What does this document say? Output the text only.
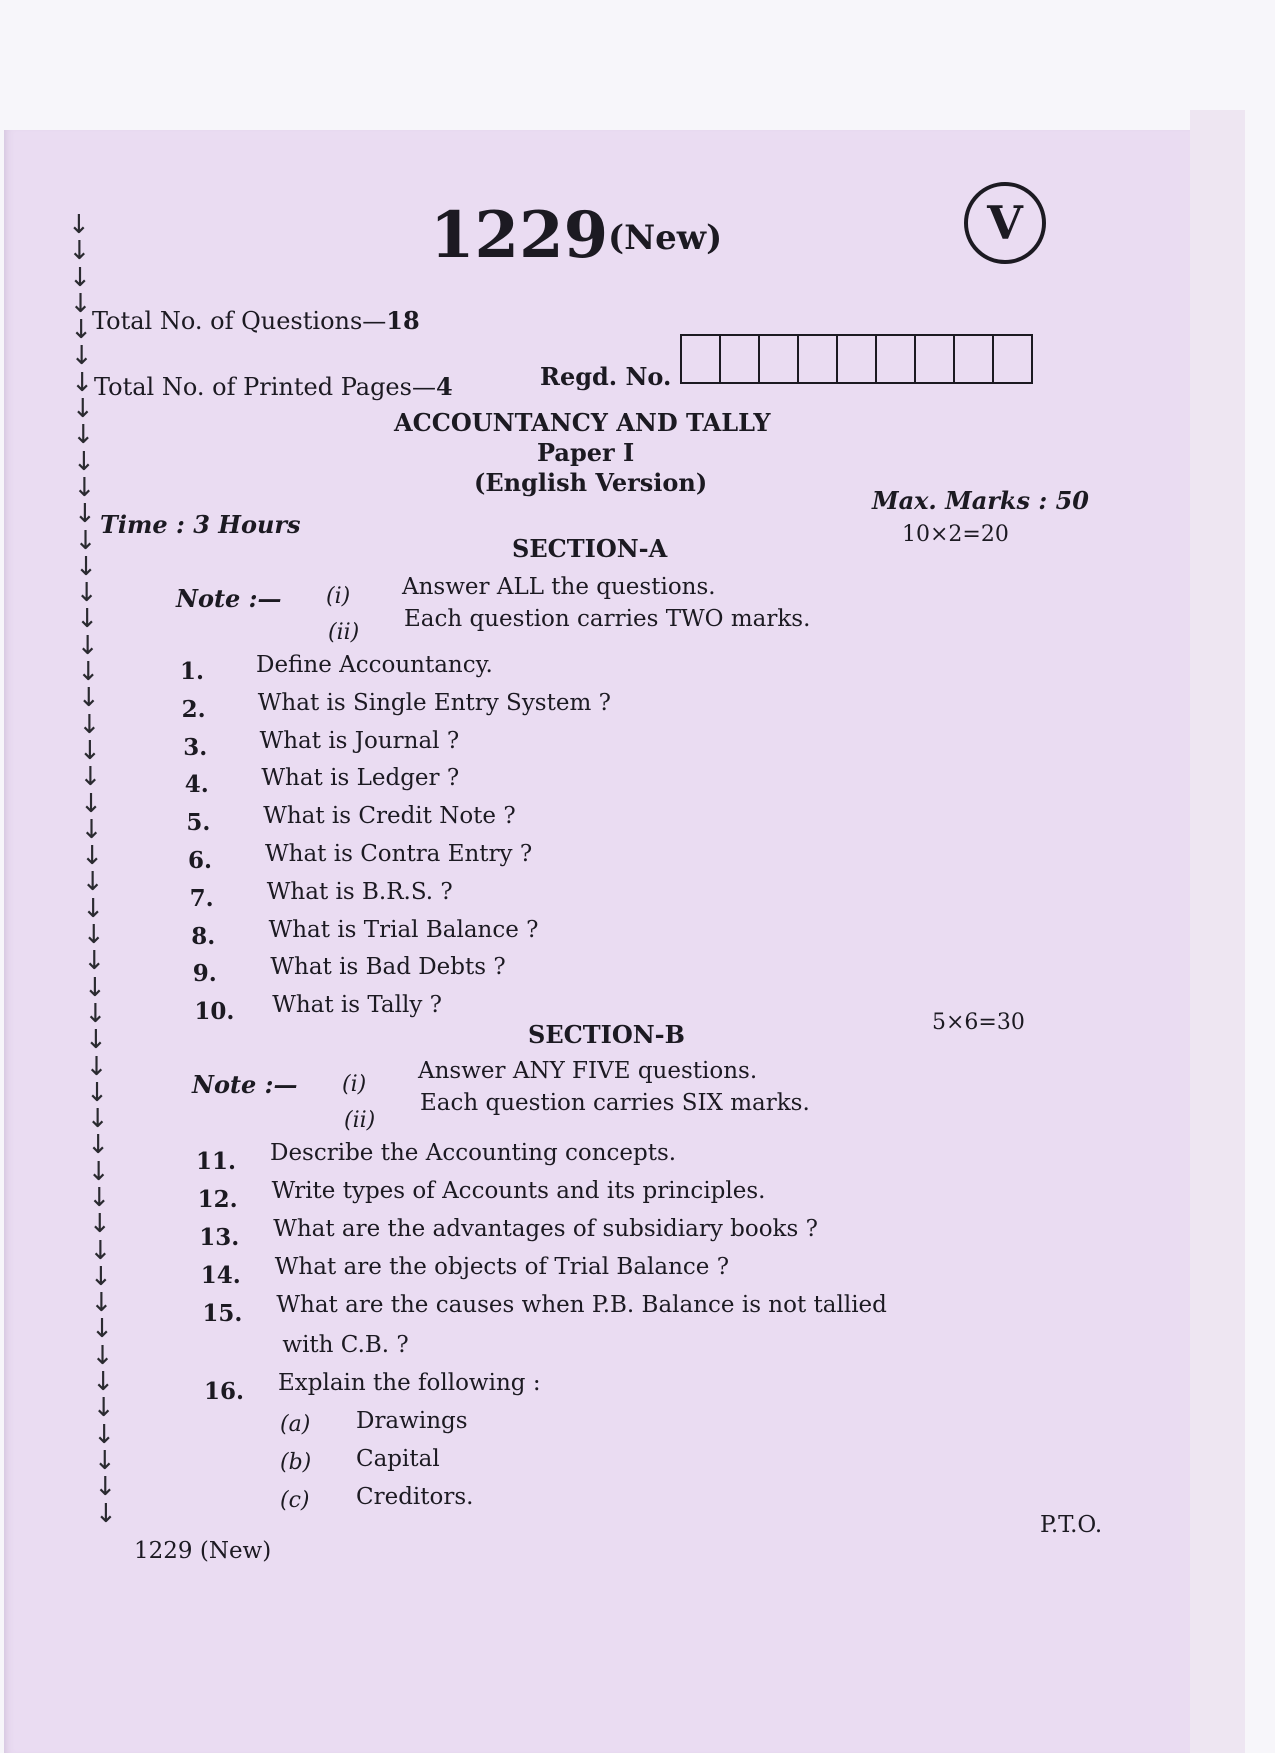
↓
↓
↓
↓
↓
↓
↓
↓
↓
↓
↓
↓
↓
↓
↓
↓
↓
↓
↓
↓
↓
↓
↓
↓
↓
↓
↓
↓
↓
↓
↓
↓
↓
↓
↓
↓
↓
↓
↓
↓
↓
↓
↓
↓
↓
↓
↓
↓
↓
↓
1229 (New)	V
Total No. of Questions—18
Total No. of Printed Pages—4	Regd. No.
ACCOUNTANCY AND TALLY
Paper I
(English Version)
Time : 3 Hours
Max. Marks : 50
SECTION-A	10×2=20
Note :— (i) Answer ALL the questions.
(ii)
Each question carries TWO marks.
1. Define Accountancy.
2. What is Single Entry System ?
3. What is Journal ?
4. What is Ledger ?
5. What is Credit Note ?
6. What is Contra Entry ?
7. What is B.R.S. ?
8. What is Trial Balance ?
9. What is Bad Debts ?
10. What is Tally ?
SECTION-B	5×6=30
Note :— (i)
Answer ANY FIVE questions.
(ii)
Each question carries SIX marks.
11. Describe the Accounting concepts.
12. Write types of Accounts and its principles.
13. What are the advantages of subsidiary books ?
14. What are the objects of Trial Balance ?
15. What are the causes when P.B. Balance is not tallied
with C.B. ?
16. Explain the following :
(a) Drawings
(b) Capital
(c) Creditors.
1229 (New)
P.T.O.
